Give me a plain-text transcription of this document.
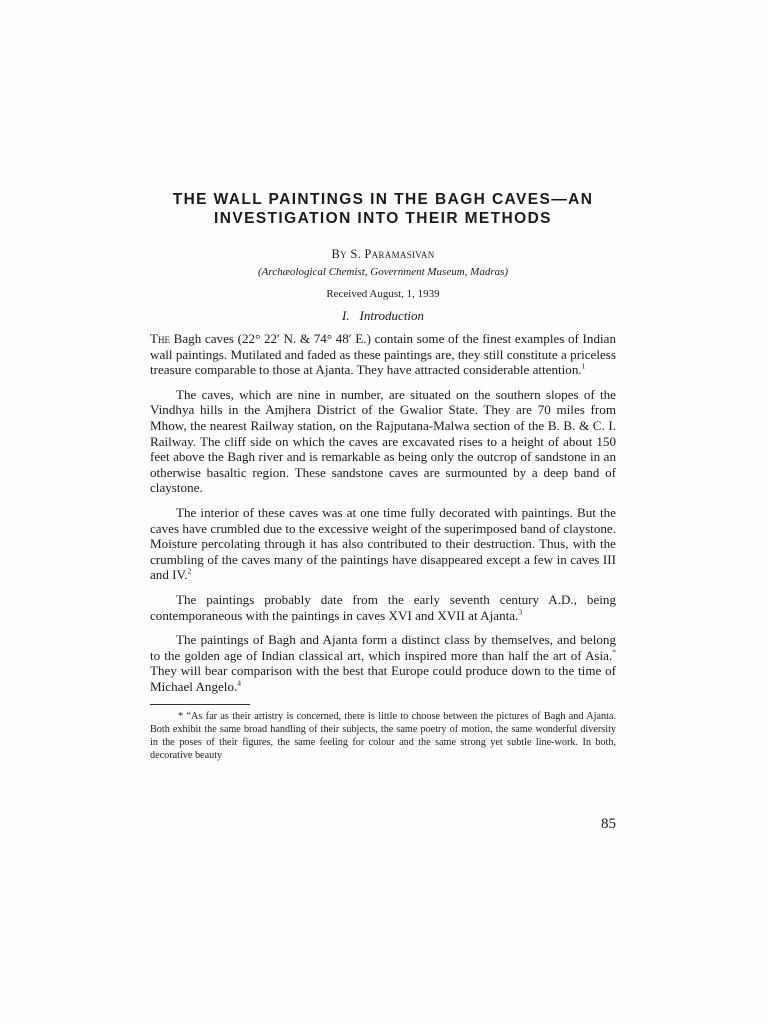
THE WALL PAINTINGS IN THE BAGH CAVES—AN
INVESTIGATION INTO THEIR METHODS
By S. Paramasivan
(Archæological Chemist, Government Museum, Madras)
Received August, 1, 1939
I. Introduction

The Bagh caves (22° 22′ N. & 74° 48′ E.) contain some of the finest examples of Indian wall paintings. Mutilated and faded as these paintings are, they still constitute a priceless treasure comparable to those at Ajanta. They have attracted considerable attention.$^1$

The caves, which are nine in number, are situated on the southern slopes of the Vindhya hills in the Amjhera District of the Gwalior State. They are 70 miles from Mhow, the nearest Railway station, on the Rajputana-Malwa section of the B. B. & C. I. Railway. The cliff side on which the caves are excavated rises to a height of about 150 feet above the Bagh river and is remarkable as being only the outcrop of sandstone in an otherwise basaltic region. These sandstone caves are surmounted by a deep band of claystone.

The interior of these caves was at one time fully decorated with paintings. But the caves have crumbled due to the excessive weight of the superimposed band of claystone. Moisture percolating through it has also contributed to their destruction. Thus, with the crumbling of the caves many of the paintings have disappeared except a few in caves III and IV.$^2$

The paintings probably date from the early seventh century A.D., being contemporaneous with the paintings in caves XVI and XVII at Ajanta.$^3$

The paintings of Bagh and Ajanta form a distinct class by themselves, and belong to the golden age of Indian classical art, which inspired more than half the art of Asia.* They will bear comparison with the best that Europe could produce down to the time of Michael Angelo.$^4$

* “As far as their artistry is concerned, there is little to choose between the pictures of Bagh and Ajanta. Both exhibit the same broad handling of their subjects, the same poetry of motion, the same wonderful diversity in the poses of their figures, the same feeling for colour and the same strong yet subtle line-work. In both, decorative beauty

85
